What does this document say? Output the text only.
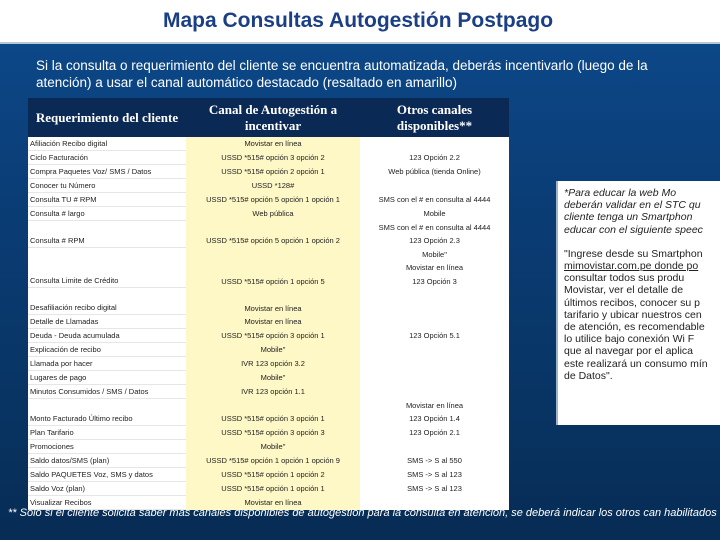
Mapa Consultas Autogestión Postpago

Si la consulta o requerimiento del cliente se encuentra automatizada, deberás incentivarlo (luego de la atención) a usar el canal automático destacado (resaltado en amarillo)

Requerimiento del cliente	Canal de Autogestión a incentivar	Otros canales disponibles**
Afiliación Recibo digital	Movistar en línea	
Ciclo Facturación	USSD *515# opción 3 opción 2	123 Opción 2.2
Compra Paquetes Voz/ SMS / Datos	USSD *515# opción 2 opción 1	Web pública (tienda Online)
Conocer tu Número	USSD *128#	
Consulta TU # RPM	USSD *515# opción 5 opción 1 opción 1	SMS con el # en consulta al 4444
Consulta # largo	Web pública	Mobile
		SMS con el # en consulta al 4444
Consulta # RPM	USSD *515# opción 5 opción 1 opción 2	123 Opción 2.3
		Mobile"
		Movistar en línea
Consulta Limite de Crédito	USSD *515# opción 1 opción 5	123 Opción 3

Desafiliación recibo digital	Movistar en línea	
Detalle de Llamadas	Movistar en línea	
Deuda - Deuda acumulada	USSD *515# opción 3 opción 1	123 Opción 5.1
Explicación de recibo	Mobile"	
Llamada por hacer	IVR 123 opción 3.2	
Lugares de pago	Mobile"	
Minutos Consumidos / SMS / Datos	IVR 123 opción 1.1	
		Movistar en línea
Monto Facturado Último recibo	USSD *515# opción 3 opción 1	123 Opción 1.4
Plan Tarifario	USSD *515# opción 3 opción 3	123 Opción 2.1
Promociones	Mobile"	
Saldo datos/SMS (plan)	USSD *515# opción 1 opción 1 opción 9	SMS -> S al 550
Saldo PAQUETES Voz, SMS y datos	USSD *515# opción 1 opción 2	SMS -> S al 123
Saldo Voz (plan)	USSD *515# opción 1 opción 1	SMS -> S al 123
Visualizar Recibos	Movistar en línea	

*Para educar la web Mo

deberán validar en el STC qu

cliente tenga un Smartphon

educar con el siguiente speec

"Ingrese desde su Smartphon

mimovistar.com.pe donde po

consultar todos sus produ

Movistar, ver el detalle de

últimos recibos, conocer su p

tarifario y ubicar nuestros cen

de atención, es recomendable

lo utilice bajo conexión Wi F

que al navegar por el aplica

este realizará un consumo mín

de Datos".

** Solo si el cliente solicita saber más canales disponibles de autogestión para la consulta en atención, se deberá indicar los otros can habilitados
